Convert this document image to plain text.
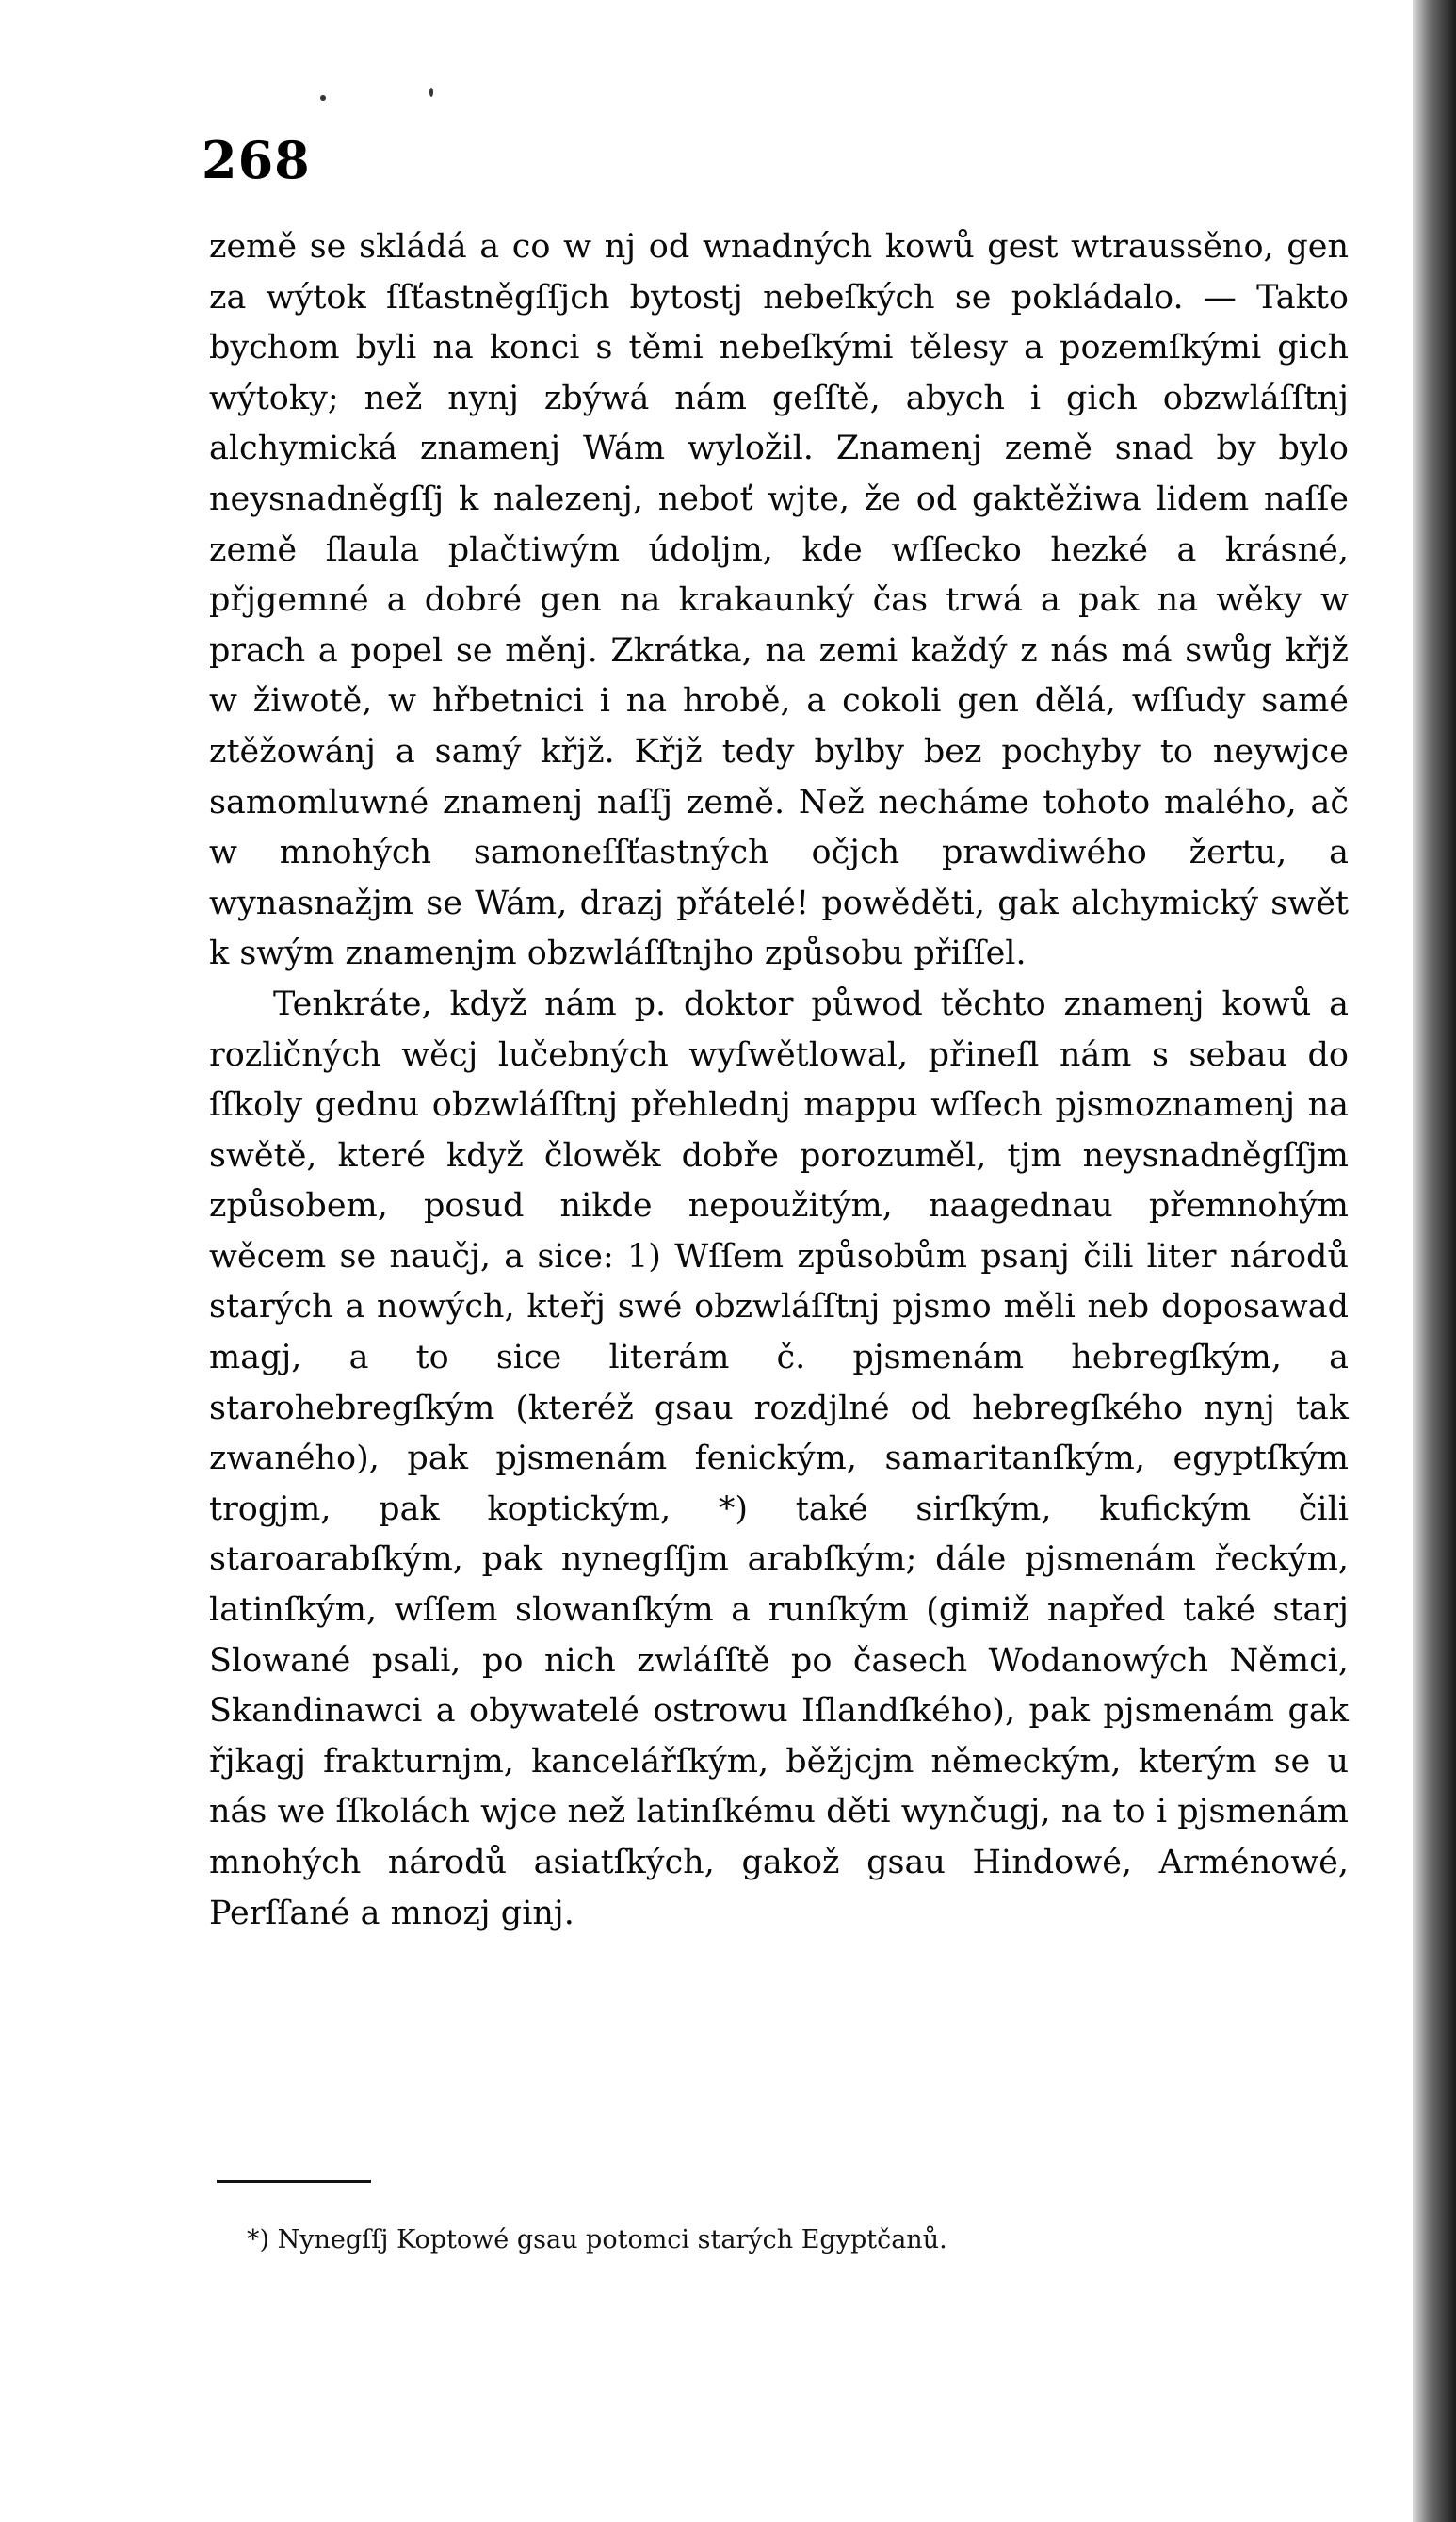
268

země se skládá a co w nj od wnadných kowů gest wtraussěno, gen za wýtok ſſťastněgſſjch bytostj nebeſkých se pokládalo. — Takto bychom byli na konci s těmi nebeſkými tělesy a pozemſkými gich wýtoky; než nynj zbýwá nám geſſtě, abych i gich obzwláſſtnj alchymická znamenj Wám wyložil. Znamenj země snad by bylo neysnadněgſſj k nalezenj, neboť wjte, že od gaktěžiwa lidem naſſe země ſlaula plačtiwým údolјm, kde wſſecko hezké a krásné, přjgemné a dobré gen na krakaunký čas trwá a pak na wěky w prach a popel se měnj. Zkrátka, na zemi každý z nás má swůg křjž w žiwotě, w hřbetnici i na hrobě, a cokoli gen dělá, wſſudy samé ztěžowánj a samý křjž. Křjž tedy bylby bez pochyby to neywjce samomluwné znamenj naſſj země. Než necháme tohoto malého, ač w mnohých samoneſſťastných očjch prawdiwého žertu, a wynasnažjm se Wám, drazj přátelé! powěděti, gak alchymický swět k swým znamenjm obzwláſſtnjho způsobu přiſſel.

Tenkráte, když nám p. doktor půwod těchto znamenj kowů a rozličných wěcj lučebných wyſwětlowal, přineſl nám s sebau do ſſkoly gednu obzwláſſtnj přehlednj mappu wſſech pjsmoznamenj na swětě, které když člowěk dobře porozuměl, tjm neysnadněgſſjm způsobem, posud nikde nepoužitým, naagednau přemnohým wěcem se naučj, a sice: 1) Wſſem způsobům psanj čili liter národů starých a nowých, kteřj swé obzwláſſtnj pjsmo měli neb doposawad magj, a to sice literám č. pjsmenám hebregſkým, a starohebregſkým (kteréž gsau rozdjlné od hebregſkého nynj tak zwaného), pak pjsmenám fenickým, samaritanſkým, egyptſkým trogjm, pak koptickým, *) také sirſkým, kufickým čili staroarabſkým, pak nynegſſjm arabſkým; dále pjsmenám řeckým, latinſkým, wſſem slowanſkým a runſkým (gimiž napřed také starj Slowané psali, po nich zwláſſtě po časech Wodanowých Němci, Skandinawci a obywatelé ostrowu Iſlandſkého), pak pjsmenám gak řjkagj frakturnjm, kancelářſkým, běžjcjm německým, kterým se u nás we ſſkolách wjce než latinſkému děti wynčugj, na to i pjsmenám mnohých národů asiatſkých, gakož gsau Hindowé, Arménowé, Perſſané a mnozj ginj.

*) Nynegſſj Koptowé gsau potomci starých Egyptčanů.
